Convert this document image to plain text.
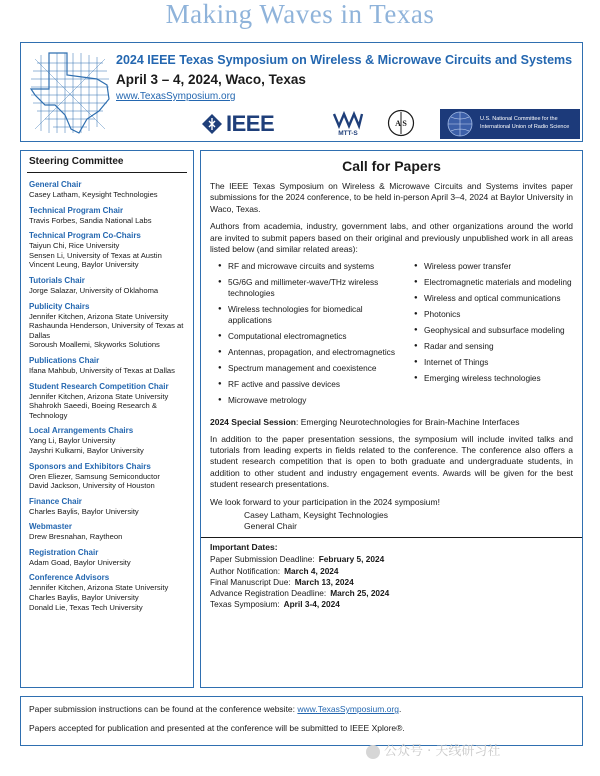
Making Waves in Texas
2024 IEEE Texas Symposium on Wireless & Microwave Circuits and Systems
April 3 – 4, 2024, Waco, Texas
www.TexasSymposium.org
IEEE	MTT-S
A S	U.S. National Committee for the International Union of Radio Science
Steering Committee
General Chair
Casey Latham, Keysight Technologies
Technical Program Chair
Travis Forbes, Sandia National Labs
Technical Program Co-Chairs
Taiyun Chi, Rice University
Sensen Li, University of Texas at Austin
Vincent Leung, Baylor University
Tutorials Chair
Jorge Salazar, University of Oklahoma
Publicity Chairs
Jennifer Kitchen, Arizona State University
Rashaunda Henderson, University of Texas at Dallas
Soroush Moallemi, Skyworks Solutions
Publications Chair
Ifana Mahbub, University of Texas at Dallas
Student Research Competition Chair
Jennifer Kitchen, Arizona State University
Shahrokh Saeedi, Boeing Research & Technology
Local Arrangements Chairs
Yang Li, Baylor University
Jayshri Kulkarni, Baylor University
Sponsors and Exhibitors Chairs
Oren Eliezer, Samsung Semiconductor
David Jackson, University of Houston
Finance Chair
Charles Baylis, Baylor University
Webmaster
Drew Bresnahan, Raytheon
Registration Chair
Adam Goad, Baylor University
Conference Advisors
Jennifer Kitchen, Arizona State University
Charles Baylis, Baylor University
Donald Lie, Texas Tech University
Call for Papers

The IEEE Texas Symposium on Wireless & Microwave Circuits and Systems invites paper submissions for the 2024 conference, to be held in-person April 3–4, 2024 at Baylor University in Waco, Texas.

Authors from academia, industry, government labs, and other organizations around the world are invited to submit papers based on their original and previously unpublished work in all areas listed below (and similar related areas):

● RF and microwave circuits and systems
● 5G/6G and millimeter-wave/THz wireless technologies
● Wireless technologies for biomedical applications
● Computational electromagnetics
● Antennas, propagation, and electromagnetics
● Spectrum management and coexistence
● RF active and passive devices
● Microwave metrology
● Wireless power transfer
● Electromagnetic materials and modeling
● Wireless and optical communications
● Photonics
● Geophysical and subsurface modeling
● Radar and sensing
● Internet of Things
● Emerging wireless technologies

2024 Special Session: Emerging Neurotechnologies for Brain-Machine Interfaces

In addition to the paper presentation sessions, the symposium will include invited talks and tutorials from leading experts in fields related to the conference. The conference also offers a student research competition that is open to both graduate and undergraduate students, in addition to other student and industry engagement events. Awards will be given for the best student research presentations.

We look forward to your participation in the 2024 symposium!

Casey Latham, Keysight Technologies
General Chair
Important Dates:
Paper Submission Deadline: February 5, 2024
Author Notification: March 4, 2024
Final Manuscript Due: March 13, 2024
Advance Registration Deadline: March 25, 2024
Texas Symposium: April 3-4, 2024
Paper submission instructions can be found at the conference website: www.TexasSymposium.org.
Papers accepted for publication and presented at the conference will be submitted to IEEE Xplore®.
公众号 · 天线研习社
